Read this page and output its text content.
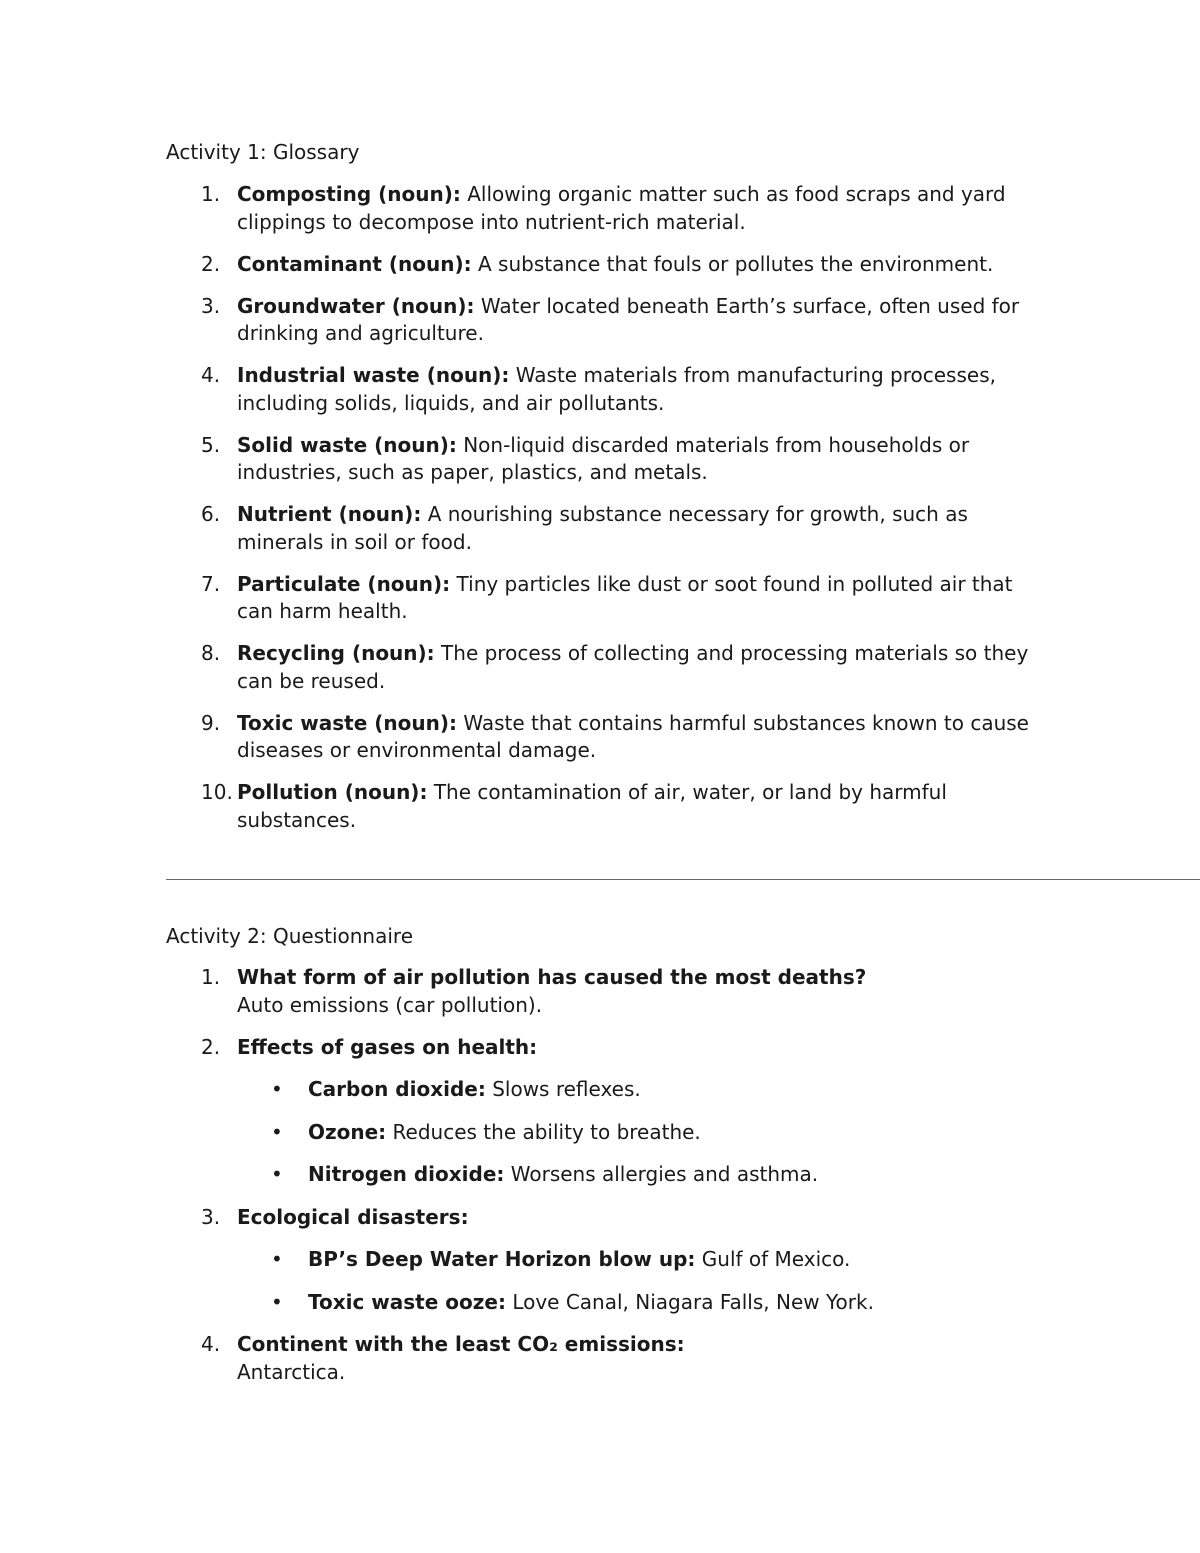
Activity 1: Glossary
1. Composting (noun): Allowing organic matter such as food scraps and yard clippings to decompose into nutrient-rich material.
2. Contaminant (noun): A substance that fouls or pollutes the environment.
3. Groundwater (noun): Water located beneath Earth’s surface, often used for drinking and agriculture.
4. Industrial waste (noun): Waste materials from manufacturing processes, including solids, liquids, and air pollutants.
5. Solid waste (noun): Non-liquid discarded materials from households or industries, such as paper, plastics, and metals.
6. Nutrient (noun): A nourishing substance necessary for growth, such as minerals in soil or food.
7. Particulate (noun): Tiny particles like dust or soot found in polluted air that can harm health.
8. Recycling (noun): The process of collecting and processing materials so they can be reused.
9. Toxic waste (noun): Waste that contains harmful substances known to cause diseases or environmental damage.
10. Pollution (noun): The contamination of air, water, or land by harmful substances.
Activity 2: Questionnaire
1. What form of air pollution has caused the most deaths?
Auto emissions (car pollution).
2. Effects of gases on health:
•	Carbon dioxide: Slows reflexes.
•	Ozone: Reduces the ability to breathe.
•	Nitrogen dioxide: Worsens allergies and asthma.
3. Ecological disasters:
•	BP’s Deep Water Horizon blow up: Gulf of Mexico.
•	Toxic waste ooze: Love Canal, Niagara Falls, New York.
4. Continent with the least CO₂ emissions:
Antarctica.
